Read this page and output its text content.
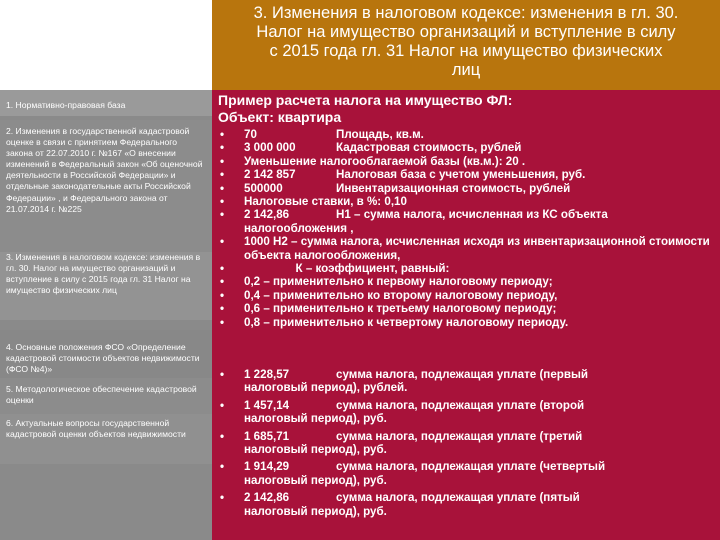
3. Изменения в налоговом кодексе: изменения в гл. 30.
Налог на имущество организаций и вступление в силу
с 2015 года гл. 31 Налог на имущество физических
лиц
1. Нормативно-правовая база
2. Изменения в государственной кадастровой оценке в связи с принятием Федерального закона от 22.07.2010 г. №167 «О внесении изменений в Федеральный закон «Об оценочной деятельности в Российской Федерации» и отдельные законодательные акты Российской Федерации» , и Федерального закона от 21.07.2014 г. №225
3. Изменения в налоговом кодексе: изменения в гл. 30. Налог на имущество организаций и вступление в силу с 2015 года гл. 31 Налог на имущество физических лиц
4. Основные положения ФСО «Определение кадастровой стоимости объектов недвижимости (ФСО №4)»
5. Методологическое обеспечение кадастровой оценки
6. Актуальные вопросы государственной кадастровой оценки объектов недвижимости
Пример расчета налога на имущество ФЛ:
Объект: квартира
• 70	Площадь, кв.м.
• 3 000 000	Кадастровая стоимость, рублей
• Уменьшение налогооблагаемой базы (кв.м.): 20 .
• 2 142 857	Налоговая база с учетом уменьшения, руб.
• 500000	Инвентаризационная стоимость, рублей
• Налоговые ставки, в %: 0,10
• 2 142,86	Н1 – сумма налога, исчисленная из КС объекта налогообложения ,
• 1000 Н2 – сумма налога, исчисленная исходя из инвентаризационной стоимости объекта налогообложения,
• К – коэффициент, равный:
• 0,2 – применительно к первому налоговому периоду;
• 0,4 – применительно ко второму налоговому периоду,
• 0,6 – применительно к третьему налоговому периоду;
• 0,8 – применительно к четвертому налоговому периоду.
• 1 228,57	сумма налога, подлежащая уплате (первый
налоговый период), рублей.
• 1 457,14	сумма налога, подлежащая уплате (второй
налоговый период), руб.
• 1 685,71	сумма налога, подлежащая уплате (третий
налоговый период), руб.
• 1 914,29	сумма налога, подлежащая уплате (четвертый
налоговый период), руб.
• 2 142,86	сумма налога, подлежащая уплате (пятый
налоговый период), руб.
